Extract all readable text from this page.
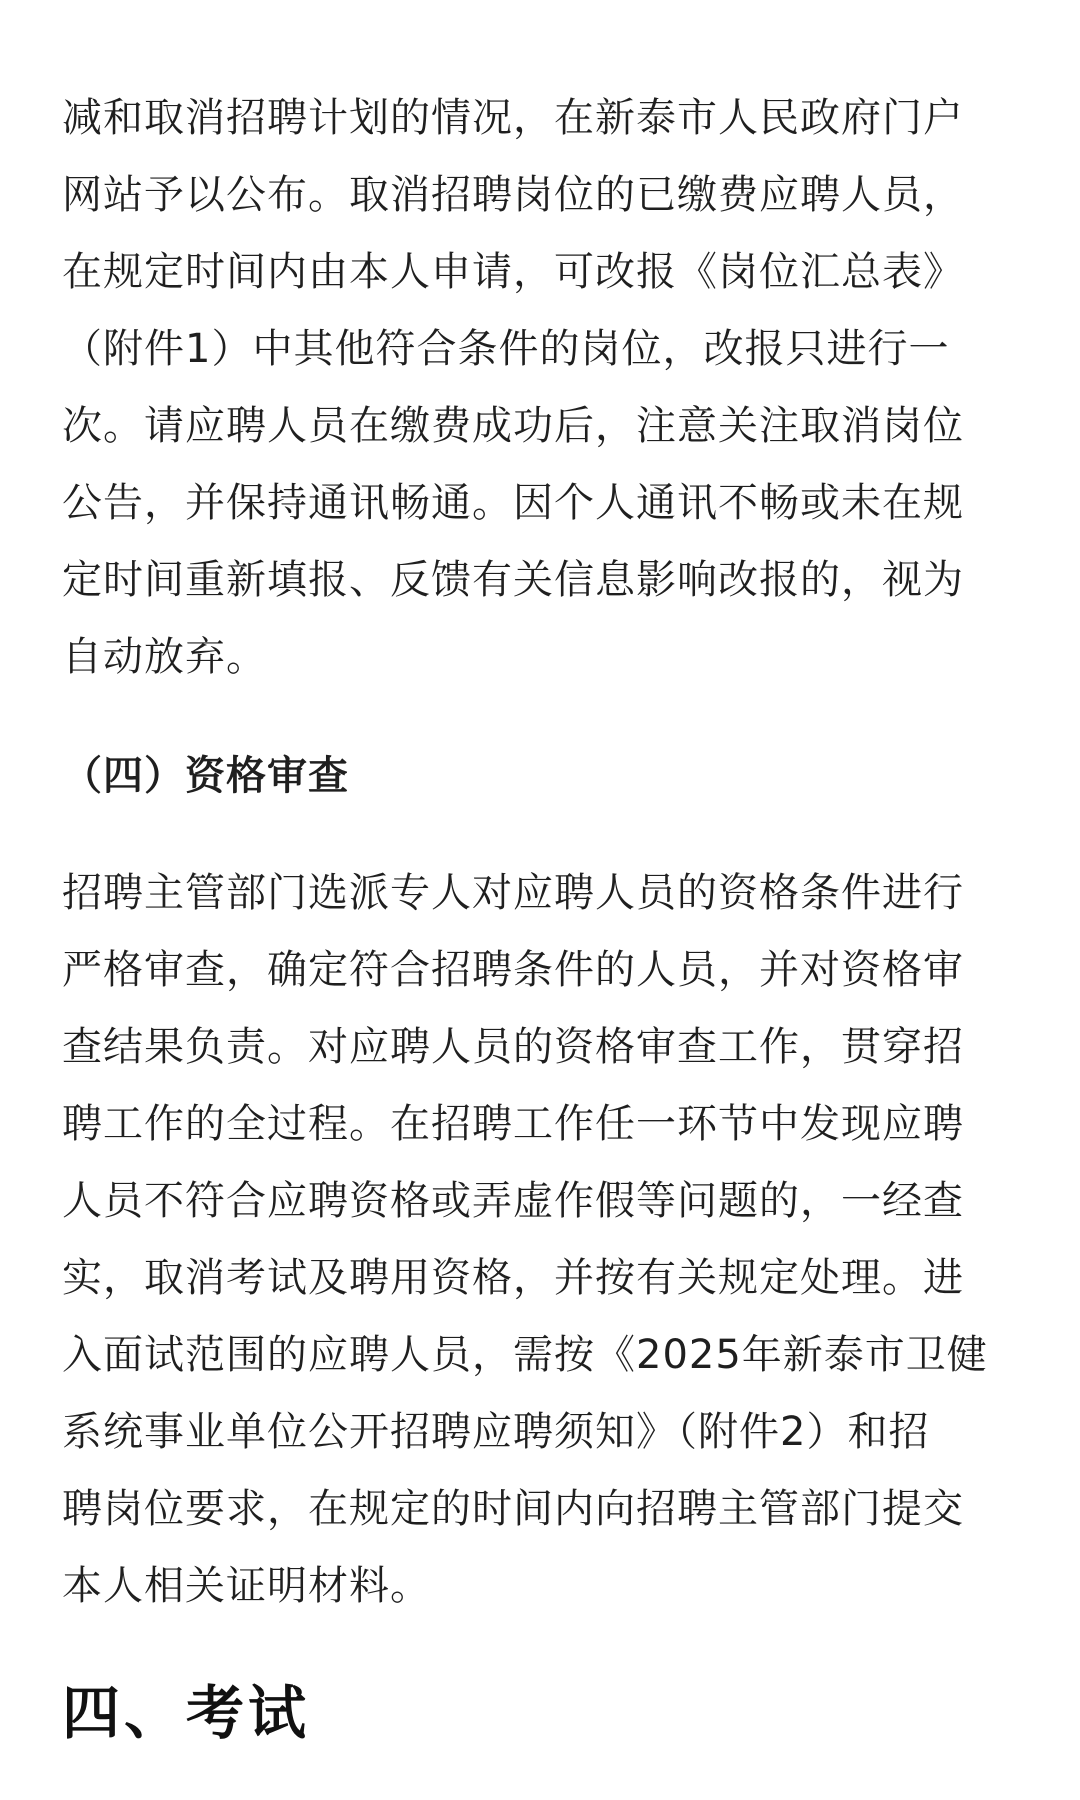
减和取消招聘计划的情况，在新泰市人民政府门户
网站予以公布。取消招聘岗位的已缴费应聘人员，
在规定时间内由本人申请，可改报《岗位汇总表》
（附件1）中其他符合条件的岗位，改报只进行一
次。请应聘人员在缴费成功后，注意关注取消岗位
公告，并保持通讯畅通。因个人通讯不畅或未在规
定时间重新填报、反馈有关信息影响改报的，视为
自动放弃。

（四）资格审查

招聘主管部门选派专人对应聘人员的资格条件进行
严格审查，确定符合招聘条件的人员，并对资格审
查结果负责。对应聘人员的资格审查工作，贯穿招
聘工作的全过程。在招聘工作任一环节中发现应聘
人员不符合应聘资格或弄虚作假等问题的，一经查
实，取消考试及聘用资格，并按有关规定处理。进
入面试范围的应聘人员，需按《2025年新泰市卫健
系统事业单位公开招聘应聘须知》（附件2）和招
聘岗位要求，在规定的时间内向招聘主管部门提交
本人相关证明材料。

四、考试
